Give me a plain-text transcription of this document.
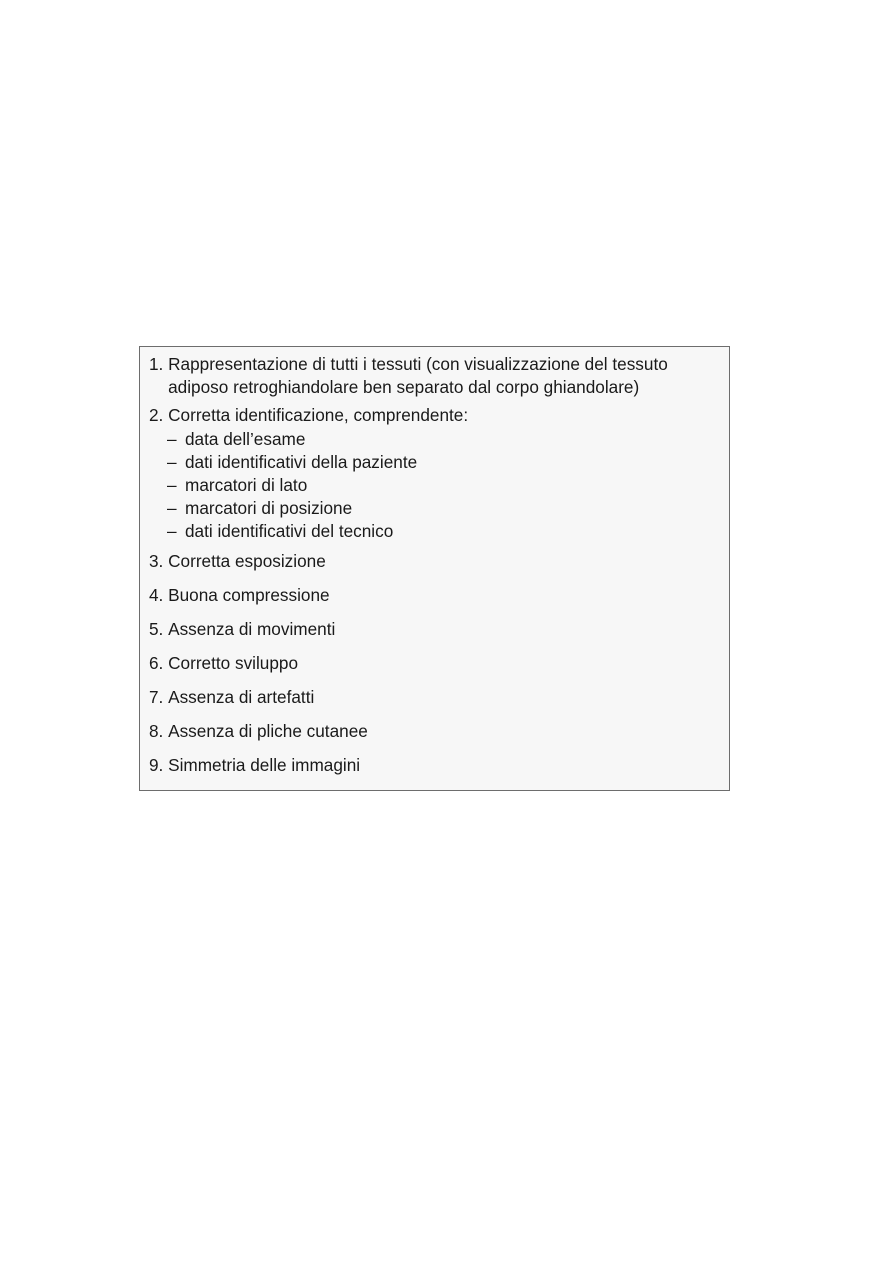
1.
Rappresentazione di tutti i tessuti (con visualizzazione del tessuto adiposo retroghiandolare ben separato dal corpo ghiandolare)
2.
Corretta identificazione, comprendente:
– data dell’esame
– dati identificativi della paziente
– marcatori di lato
– marcatori di posizione
– dati identificativi del tecnico
3.
Corretta esposizione
4.
Buona compressione
5.
Assenza di movimenti
6.
Corretto sviluppo
7.
Assenza di artefatti
8.
Assenza di pliche cutanee
9.
Simmetria delle immagini
